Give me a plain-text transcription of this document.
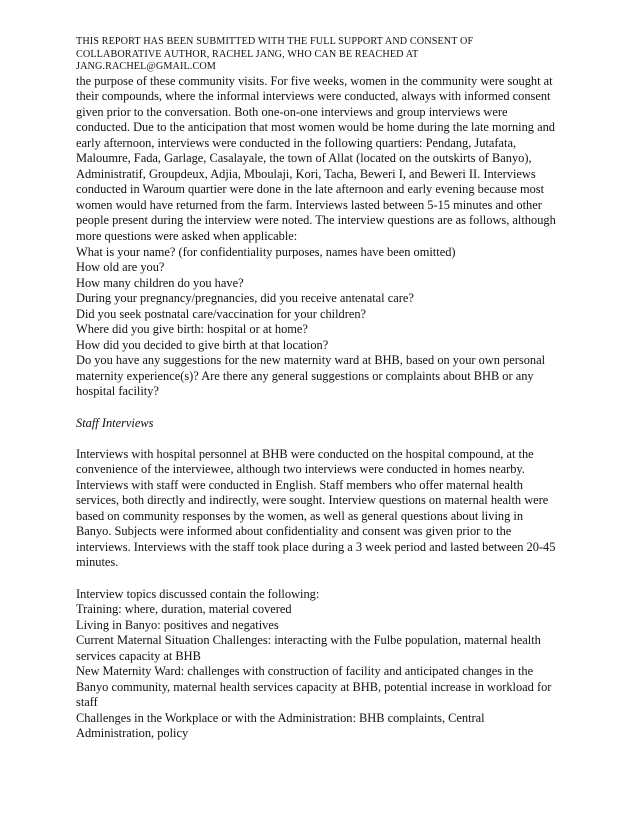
THIS REPORT HAS BEEN SUBMITTED WITH THE FULL SUPPORT AND CONSENT OF
COLLABORATIVE AUTHOR, RACHEL JANG, WHO CAN BE REACHED AT
JANG.RACHEL@GMAIL.COM
the purpose of these community visits. For five weeks, women in the community were sought at
their compounds, where the informal interviews were conducted, always with informed consent
given prior to the conversation. Both one-on-one interviews and group interviews were
conducted. Due to the anticipation that most women would be home during the late morning and
early afternoon, interviews were conducted in the following quartiers: Pendang, Jutafata,
Maloumre, Fada, Garlage, Casalayale, the town of Allat (located on the outskirts of Banyo),
Administratif, Groupdeux, Adjia, Mboulaji, Kori, Tacha, Beweri I, and Beweri II. Interviews
conducted in Waroum quartier were done in the late afternoon and early evening because most
women would have returned from the farm. Interviews lasted between 5-15 minutes and other
people present during the interview were noted. The interview questions are as follows, although
more questions were asked when applicable:
What is your name? (for confidentiality purposes, names have been omitted)
How old are you?
How many children do you have?
During your pregnancy/pregnancies, did you receive antenatal care?
Did you seek postnatal care/vaccination for your children?
Where did you give birth: hospital or at home?
How did you decided to give birth at that location?
Do you have any suggestions for the new maternity ward at BHB, based on your own personal
maternity experience(s)? Are there any general suggestions or complaints about BHB or any
hospital facility?
Staff Interviews
Interviews with hospital personnel at BHB were conducted on the hospital compound, at the
convenience of the interviewee, although two interviews were conducted in homes nearby.
Interviews with staff were conducted in English. Staff members who offer maternal health
services, both directly and indirectly, were sought. Interview questions on maternal health were
based on community responses by the women, as well as general questions about living in
Banyo. Subjects were informed about confidentiality and consent was given prior to the
interviews. Interviews with the staff took place during a 3 week period and lasted between 20-45
minutes.
Interview topics discussed contain the following:
Training: where, duration, material covered
Living in Banyo: positives and negatives
Current Maternal Situation Challenges: interacting with the Fulbe population, maternal health
services capacity at BHB
New Maternity Ward: challenges with construction of facility and anticipated changes in the
Banyo community, maternal health services capacity at BHB, potential increase in workload for
staff
Challenges in the Workplace or with the Administration: BHB complaints, Central
Administration, policy
